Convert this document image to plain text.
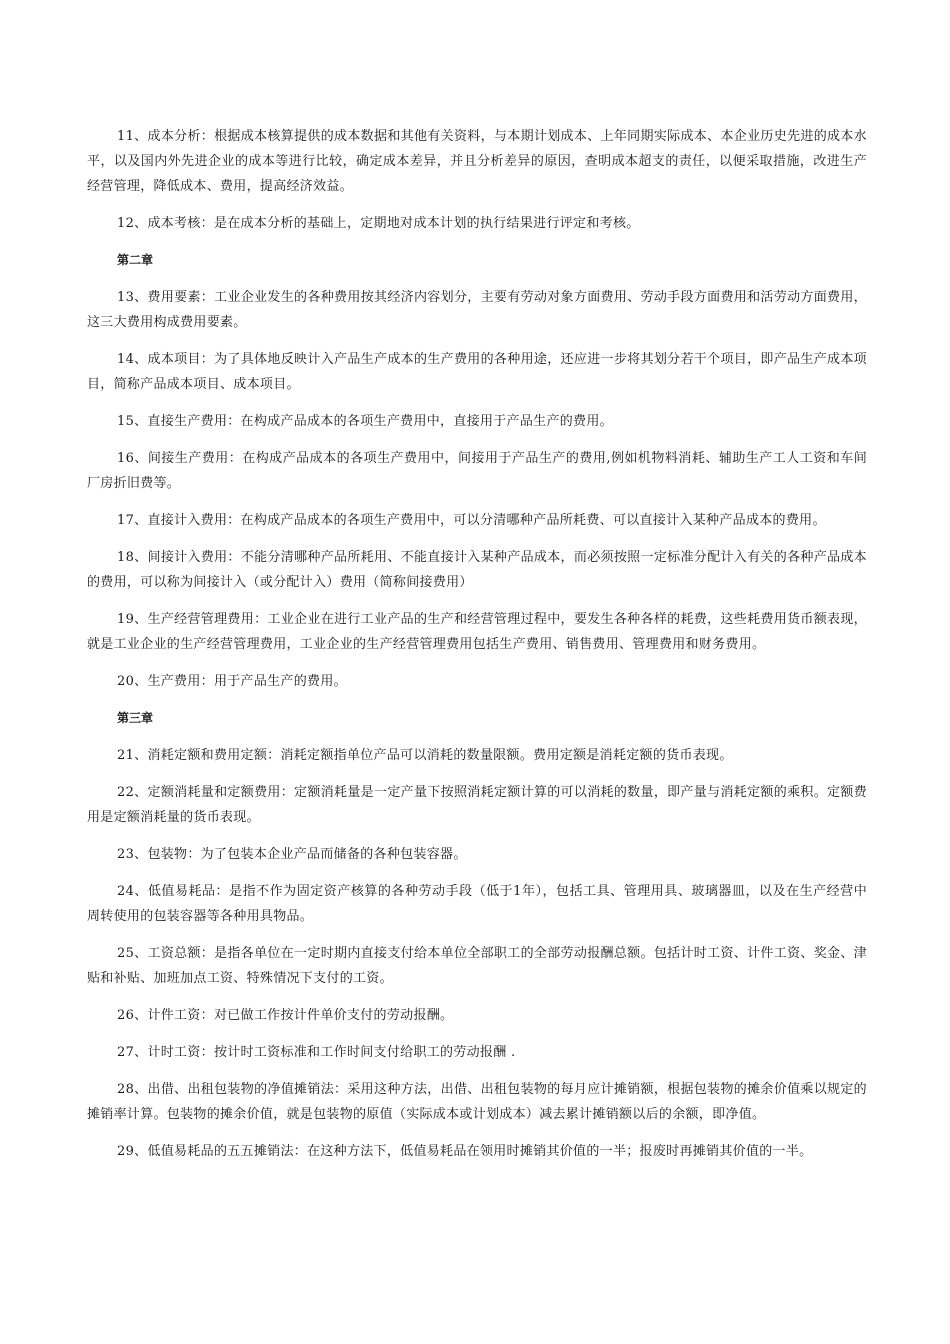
11、成本分析：根据成本核算提供的成本数据和其他有关资料，与本期计划成本、上年同期实际成本、本企业历史先进的成本水平，以及国内外先进企业的成本等进行比较，确定成本差异，并且分析差异的原因，查明成本超支的责任，以便采取措施，改进生产经营管理，降低成本、费用，提高经济效益。

12、成本考核：是在成本分析的基础上，定期地对成本计划的执行结果进行评定和考核。

第二章

13、费用要素：工业企业发生的各种费用按其经济内容划分，主要有劳动对象方面费用、劳动手段方面费用和活劳动方面费用，这三大费用构成费用要素。

14、成本项目：为了具体地反映计入产品生产成本的生产费用的各种用途，还应进一步将其划分若干个项目，即产品生产成本项目，简称产品成本项目、成本项目。

15、直接生产费用：在构成产品成本的各项生产费用中，直接用于产品生产的费用。

16、间接生产费用：在构成产品成本的各项生产费用中，间接用于产品生产的费用,例如机物料消耗、辅助生产工人工资和车间厂房折旧费等。

17、直接计入费用：在构成产品成本的各项生产费用中，可以分清哪种产品所耗费、可以直接计入某种产品成本的费用。

18、间接计入费用：不能分清哪种产品所耗用、不能直接计入某种产品成本，而必须按照一定标准分配计入有关的各种产品成本的费用，可以称为间接计入（或分配计入）费用（简称间接费用）

19、生产经营管理费用：工业企业在进行工业产品的生产和经营管理过程中，要发生各种各样的耗费，这些耗费用货币额表现，就是工业企业的生产经营管理费用，工业企业的生产经营管理费用包括生产费用、销售费用、管理费用和财务费用。

20、生产费用：用于产品生产的费用。

第三章

21、消耗定额和费用定额：消耗定额指单位产品可以消耗的数量限额。费用定额是消耗定额的货币表现。

22、定额消耗量和定额费用：定额消耗量是一定产量下按照消耗定额计算的可以消耗的数量，即产量与消耗定额的乘积。定额费用是定额消耗量的货币表现。

23、包装物：为了包装本企业产品而储备的各种包装容器。

24、低值易耗品：是指不作为固定资产核算的各种劳动手段（低于1年），包括工具、管理用具、玻璃器皿，以及在生产经营中周转使用的包装容器等各种用具物品。

25、工资总额：是指各单位在一定时期内直接支付给本单位全部职工的全部劳动报酬总额。包括计时工资、计件工资、奖金、津贴和补贴、加班加点工资、特殊情况下支付的工资。

26、计件工资：对已做工作按计件单价支付的劳动报酬。

27、计时工资：按计时工资标准和工作时间支付给职工的劳动报酬 .

28、出借、出租包装物的净值摊销法：采用这种方法，出借、出租包装物的每月应计摊销额，根据包装物的摊余价值乘以规定的摊销率计算。包装物的摊余价值，就是包装物的原值（实际成本或计划成本）减去累计摊销额以后的余额，即净值。

29、低值易耗品的五五摊销法：在这种方法下，低值易耗品在领用时摊销其价值的一半；报废时再摊销其价值的一半。
